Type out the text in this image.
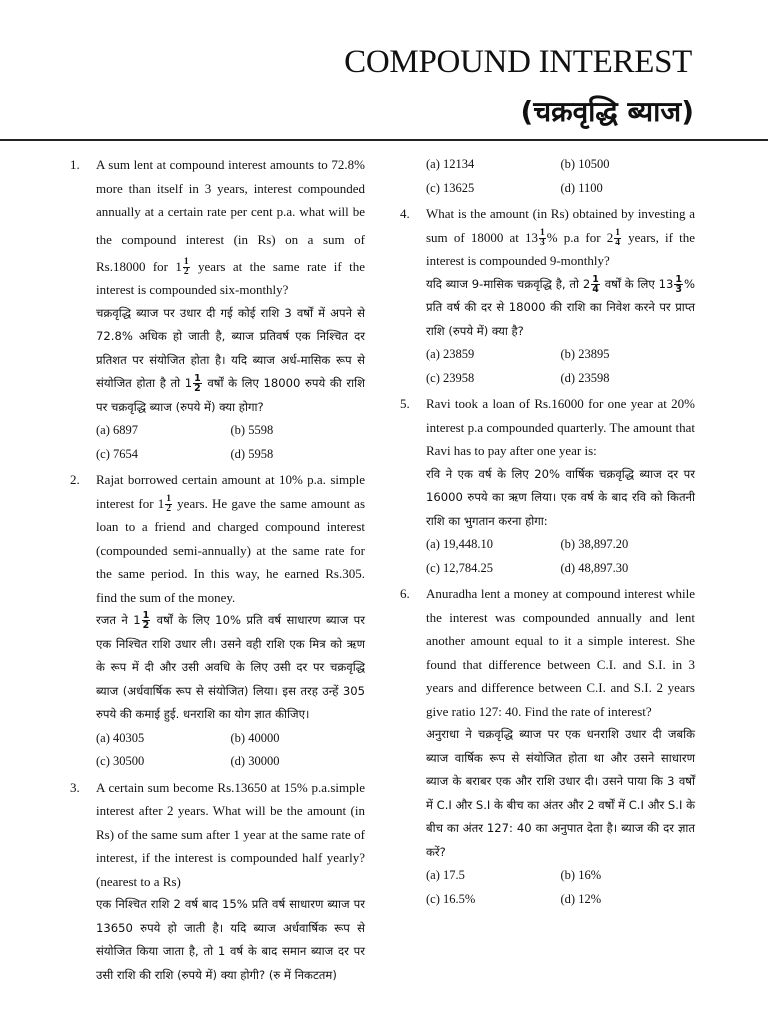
COMPOUND INTEREST
(चक्रवृद्धि ब्याज)
1. A sum lent at compound interest amounts to 72.8% more than itself in 3 years, interest compounded annually at a certain rate per cent p.a. what will be the compound interest (in Rs) on a sum of Rs.18000 for $1 \frac{1}{2}$ years at the same rate if the interest is compounded six-monthly?

चक्रवृद्धि ब्याज पर उधार दी गई कोई राशि 3 वर्षों में अपने से 72.8% अधिक हो जाती है, ब्याज प्रतिवर्ष एक निश्चित दर प्रतिशत पर संयोजित होता है। यदि ब्याज अर्ध-मासिक रूप से संयोजित होता है तो $1 \frac{1}{2}$ वर्षों के लिए 18000 रुपये की राशि पर चक्रवृद्धि ब्याज (रुपये में) क्या होगा?

(a) 6897	(b) 5598
(c) 7654	(d) 5958
2. Rajat borrowed certain amount at 10% p.a. simple interest for $1 \frac{1}{2}$ years. He gave the same amount as loan to a friend and charged compound interest (compounded semi-annually) at the same rate for the same period. In this way, he earned Rs.305. find the sum of the money.

रजत ने $1 \frac{1}{2}$ वर्षों के लिए 10% प्रति वर्ष साधारण ब्याज पर एक निश्चित राशि उधार ली। उसने वही राशि एक मित्र को ऋण के रूप में दी और उसी अवधि के लिए उसी दर पर चक्रवृद्धि ब्याज (अर्धवार्षिक रूप से संयोजित) लिया। इस तरह उन्हें 305 रुपये की कमाई हुई. धनराशि का योग ज्ञात कीजिए।

(a) 40305	(b) 40000
(c) 30500	(d) 30000
3. A certain sum become Rs.13650 at 15% p.a.simple interest after 2 years. What will be the amount (in Rs) of the same sum after 1 year at the same rate of interest, if the interest is compounded half yearly? (nearest to a Rs)

एक निश्चित राशि 2 वर्ष बाद 15% प्रति वर्ष साधारण ब्याज पर 13650 रुपये हो जाती है। यदि ब्याज अर्धवार्षिक रूप से संयोजित किया जाता है, तो 1 वर्ष के बाद समान ब्याज दर पर उसी राशि की राशि (रुपये में) क्या होगी? (रु में निकटतम)

(a) 12134	(b) 10500
(c) 13625	(d) 1100
4. What is the amount (in Rs) obtained by investing a sum of 18000 at $13 \frac{1}{3}$ % p.a for $2 \frac{1}{4}$ years, if the interest is compounded 9-monthly?

यदि ब्याज 9-मासिक चक्रवृद्धि है, तो $2 \frac{1}{4}$ वर्षों के लिए $13 \frac{1}{3}$ % प्रति वर्ष की दर से 18000 की राशि का निवेश करने पर प्राप्त राशि (रुपये में) क्या है?

(a) 23859	(b) 23895
(c) 23958	(d) 23598
5. Ravi took a loan of Rs.16000 for one year at 20% interest p.a compounded quarterly. The amount that Ravi has to pay after one year is:

रवि ने एक वर्ष के लिए 20% वार्षिक चक्रवृद्धि ब्याज दर पर 16000 रुपये का ऋण लिया। एक वर्ष के बाद रवि को कितनी राशि का भुगतान करना होगा:

(a) 19,448.10	(b) 38,897.20
(c) 12,784.25	(d) 48,897.30
6. Anuradha lent a money at compound interest while the interest was compounded annually and lent another amount equal to it a simple interest. She found that difference between C.I. and S.I. in 3 years and difference between C.I. and S.I. 2 years give ratio 127: 40. Find the rate of interest?

अनुराधा ने चक्रवृद्धि ब्याज पर एक धनराशि उधार दी जबकि ब्याज वार्षिक रूप से संयोजित होता था और उसने साधारण ब्याज के बराबर एक और राशि उधार दी। उसने पाया कि 3 वर्षों में C.I और S.I के बीच का अंतर और 2 वर्षों में C.I और S.I के बीच का अंतर 127: 40 का अनुपात देता है। ब्याज की दर ज्ञात करें?

(a) 17.5	(b) 16%
(c) 16.5%	(d) 12%
